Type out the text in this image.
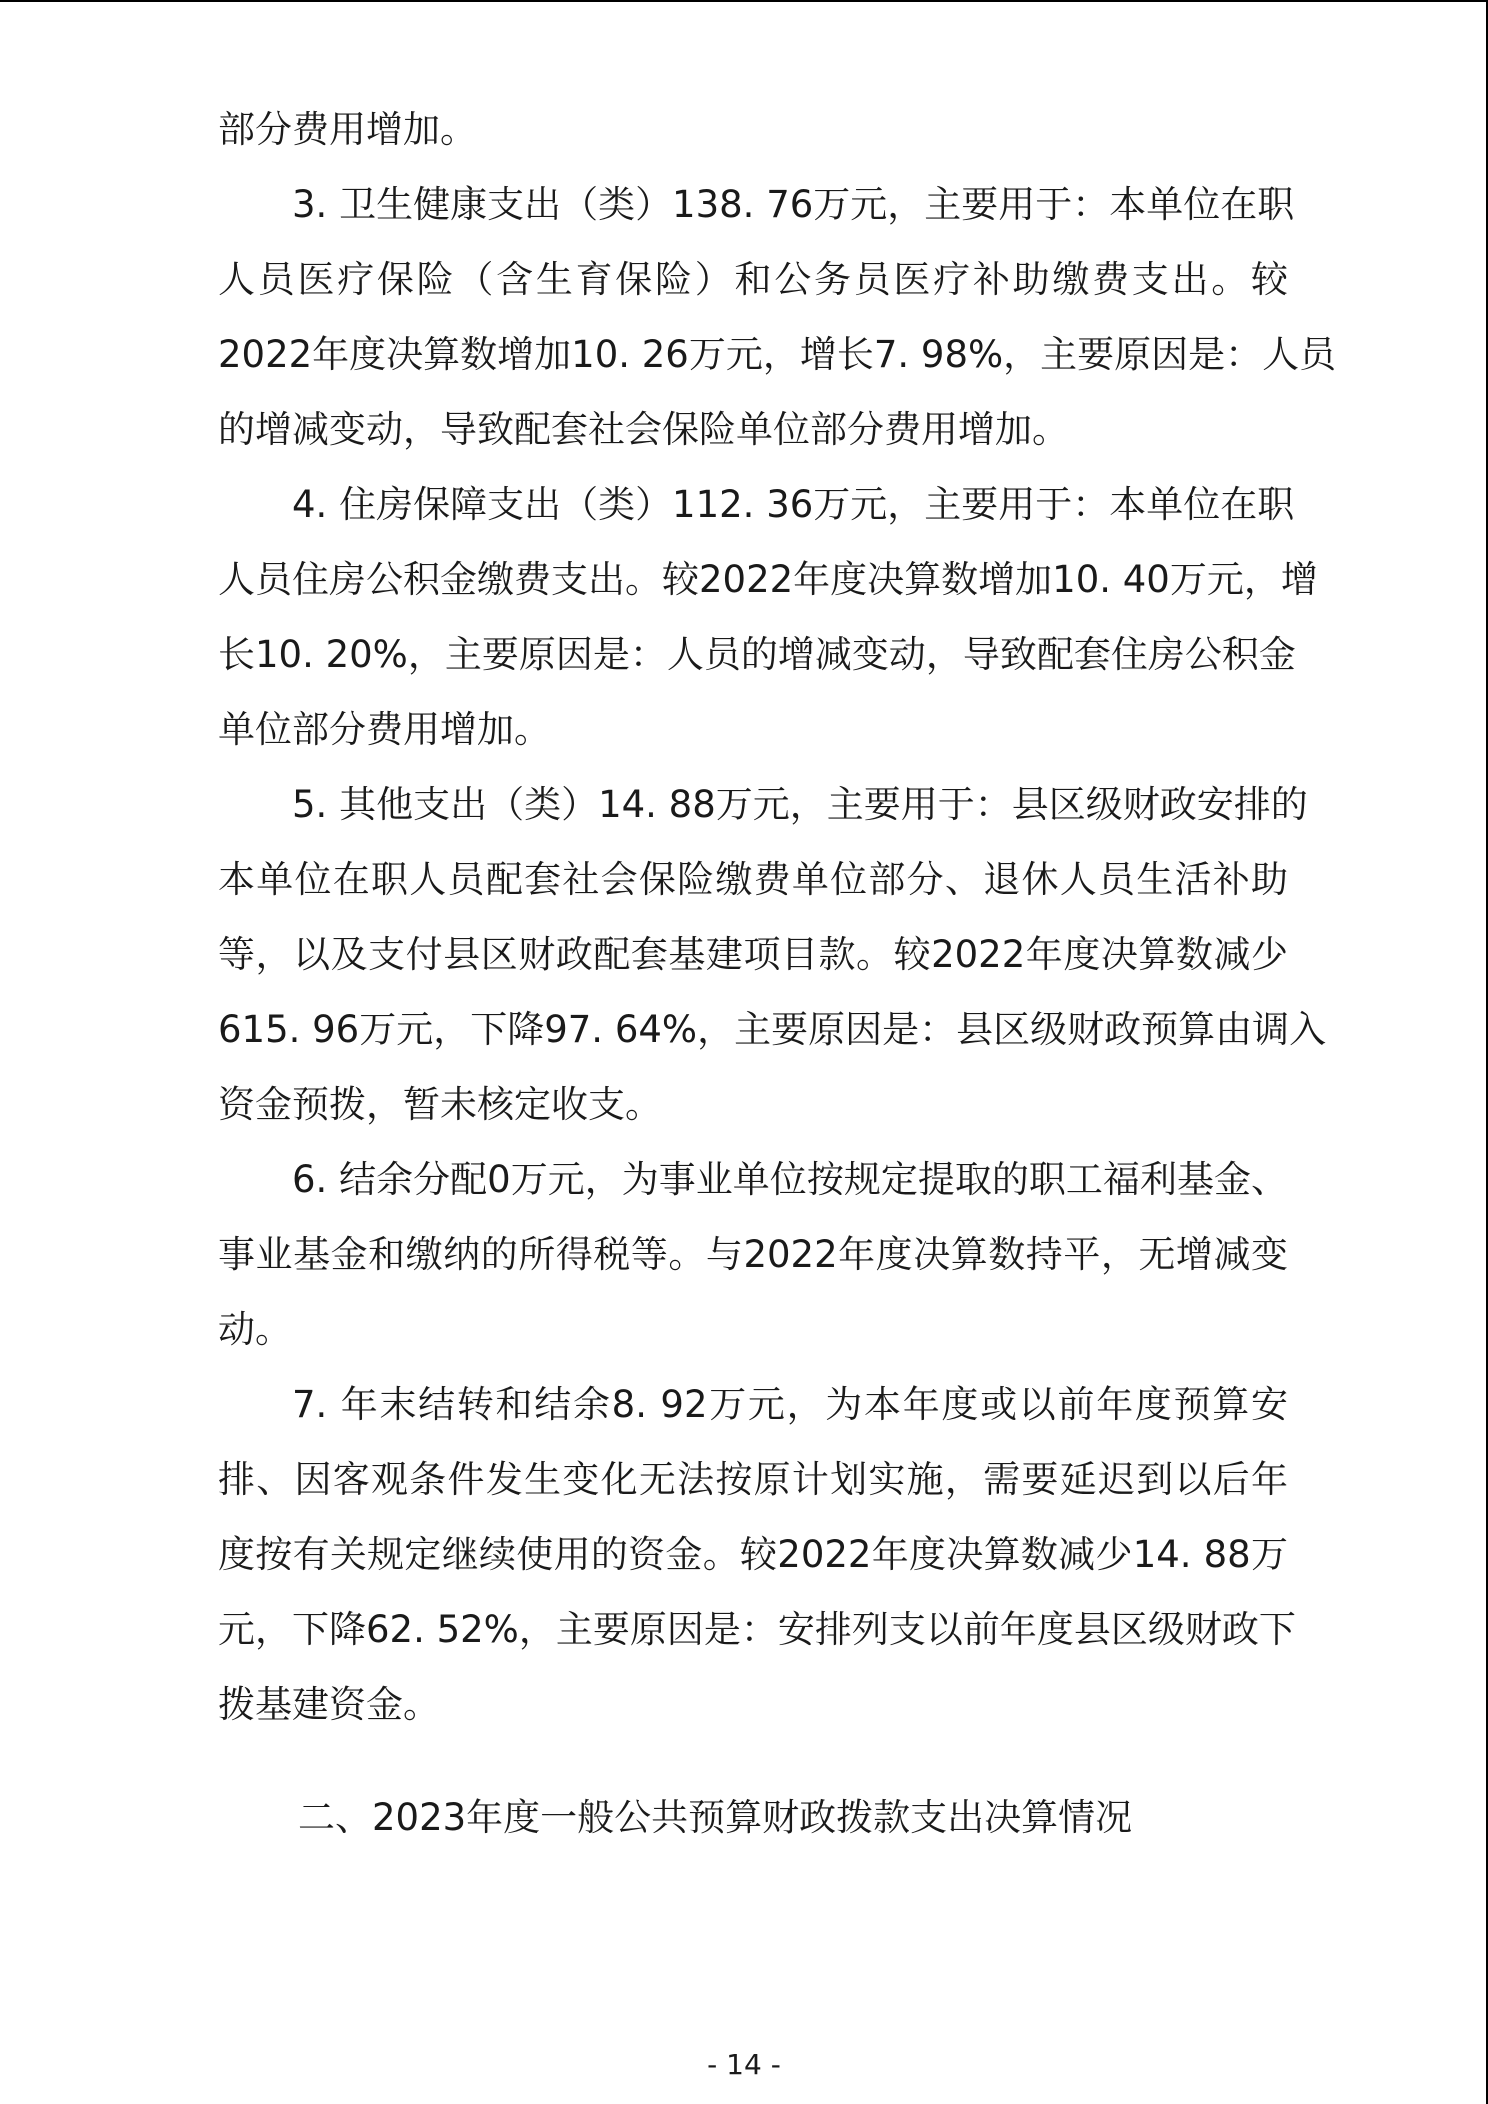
部分费用增加。
3. 卫生健康支出（类）138. 76万元，主要用于：本单位在职
人员医疗保险（含生育保险）和公务员医疗补助缴费支出。较
2022年度决算数增加10. 26万元，增长7. 98%，主要原因是：人员
的增减变动，导致配套社会保险单位部分费用增加。
4. 住房保障支出（类）112. 36万元，主要用于：本单位在职
人员住房公积金缴费支出。较2022年度决算数增加10. 40万元，增
长10. 20%，主要原因是：人员的增减变动，导致配套住房公积金
单位部分费用增加。
5. 其他支出（类）14. 88万元，主要用于：县区级财政安排的
本单位在职人员配套社会保险缴费单位部分、退休人员生活补助
等，以及支付县区财政配套基建项目款。较2022年度决算数减少
615. 96万元，下降97. 64%，主要原因是：县区级财政预算由调入
资金预拨，暂未核定收支。
6. 结余分配0万元，为事业单位按规定提取的职工福利基金、
事业基金和缴纳的所得税等。与2022年度决算数持平，无增减变
动。
7. 年末结转和结余8. 92万元，为本年度或以前年度预算安
排、因客观条件发生变化无法按原计划实施，需要延迟到以后年
度按有关规定继续使用的资金。较2022年度决算数减少14. 88万
元，下降62. 52%，主要原因是：安排列支以前年度县区级财政下
拨基建资金。
二、2023年度一般公共预算财政拨款支出决算情况
- 14 -
